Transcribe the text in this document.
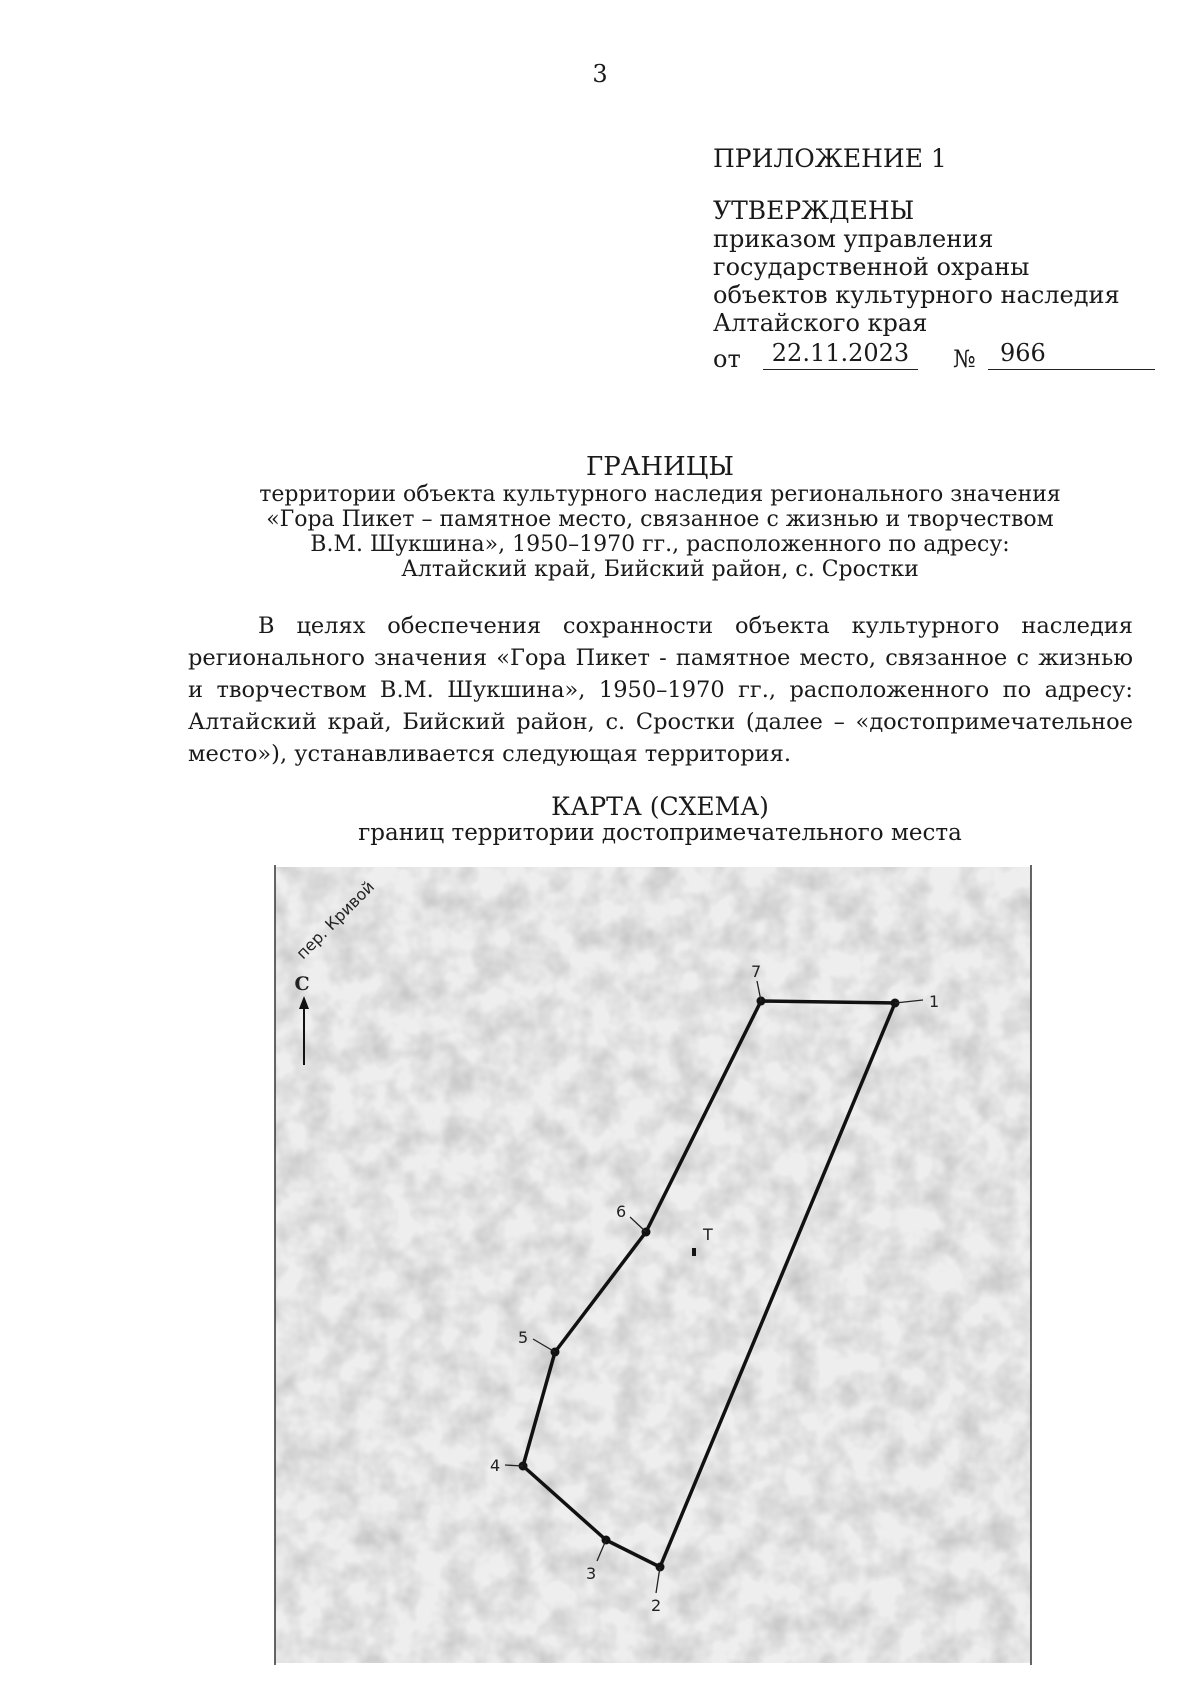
3

ПРИЛОЖЕНИЕ 1

УТВЕРЖДЕНЫ

приказом управления

государственной охраны

объектов культурного наследия

Алтайского края

от	22.11.2023	№	966
ГРАНИЦЫ

территории объекта культурного наследия регионального значения

«Гора Пикет – памятное место, связанное с жизнью и творчеством

В.М. Шукшина», 1950–1970 гг., расположенного по адресу:

Алтайский край, Бийский район, с. Сростки

В целях обеспечения сохранности объекта культурного наследия регионального значения «Гора Пикет - памятное место, связанное с жизнью и творчеством В.М. Шукшина», 1950–1970 гг., расположенного по адресу: Алтайский край, Бийский район, с. Сростки (далее – «достопримечательное место»), устанавливается следующая территория.

КАРТА (СХЕМА)
границ территории достопримечательного места
пер. Кривой
С
1
2
3
4
5
6
7
Т
